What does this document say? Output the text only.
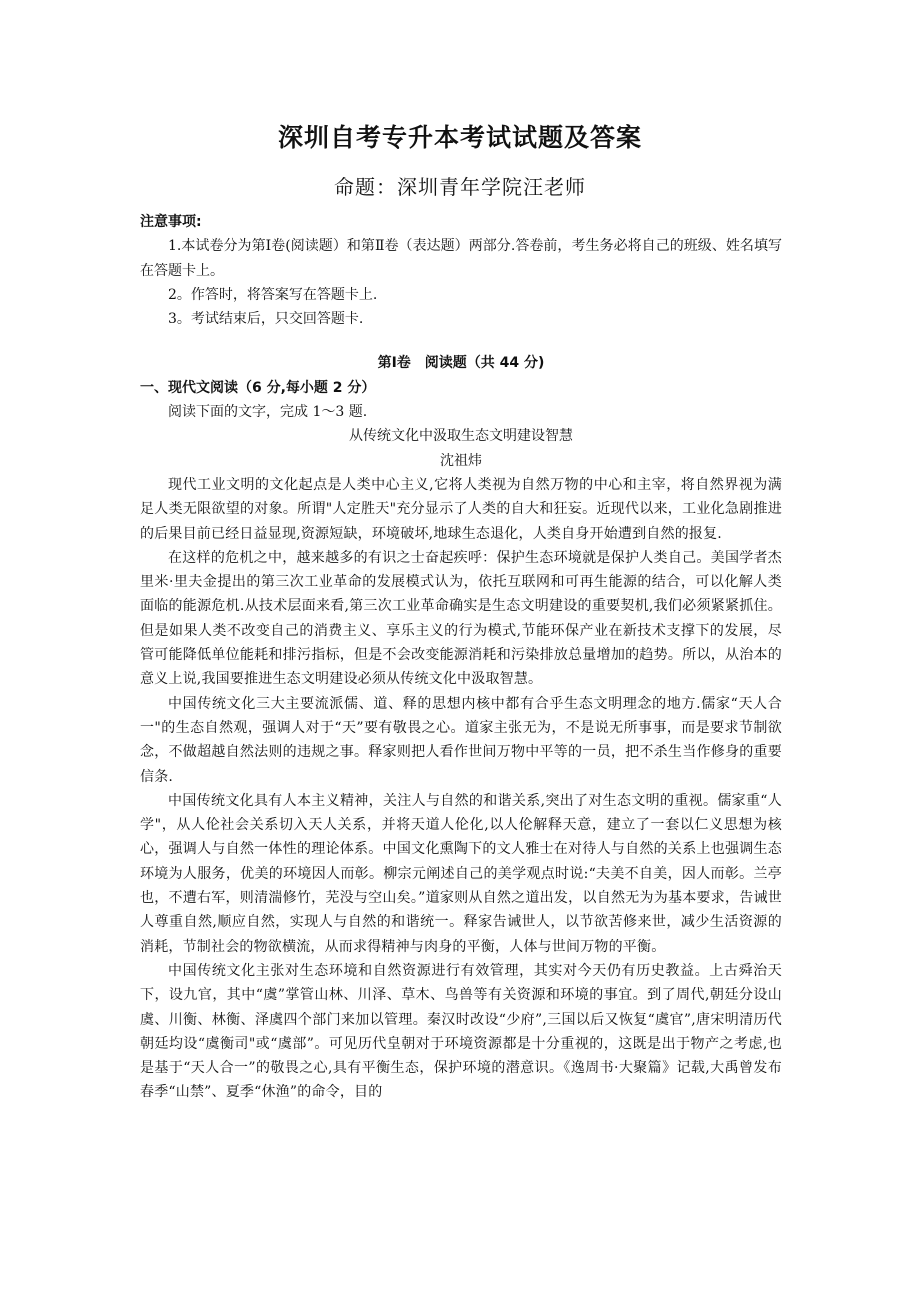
深圳自考专升本考试试题及答案
命题：深圳青年学院汪老师
注意事项:

1.本试卷分为第Ⅰ卷(阅读题）和第Ⅱ卷（表达题）两部分.答卷前，考生务必将自己的班级、姓名填写在答题卡上。

2。作答时，将答案写在答题卡上.

3。考试结束后，只交回答题卡.

第Ⅰ卷　阅读题（共 44 分)

一、现代文阅读（6 分,每小题 2 分）

阅读下面的文字，完成 1～3 题.

从传统文化中汲取生态文明建设智慧

沈祖炜

现代工业文明的文化起点是人类中心主义,它将人类视为自然万物的中心和主宰，将自然界视为满足人类无限欲望的对象。所谓"人定胜天"充分显示了人类的自大和狂妄。近现代以来，工业化急剧推进的后果目前已经日益显现,资源短缺，环境破坏,地球生态退化，人类自身开始遭到自然的报复.

在这样的危机之中，越来越多的有识之士奋起疾呼：保护生态环境就是保护人类自己。美国学者杰里米·里夫金提出的第三次工业革命的发展模式认为，依托互联网和可再生能源的结合，可以化解人类面临的能源危机.从技术层面来看,第三次工业革命确实是生态文明建设的重要契机,我们必须紧紧抓住。但是如果人类不改变自己的消费主义、享乐主义的行为模式,节能环保产业在新技术支撑下的发展，尽管可能降低单位能耗和排污指标，但是不会改变能源消耗和污染排放总量增加的趋势。所以，从治本的意义上说,我国要推进生态文明建设必须从传统文化中汲取智慧。

中国传统文化三大主要流派儒、道、释的思想内核中都有合乎生态文明理念的地方.儒家“天人合一"的生态自然观，强调人对于“天”要有敬畏之心。道家主张无为，不是说无所事事，而是要求节制欲念，不做超越自然法则的违规之事。释家则把人看作世间万物中平等的一员，把不杀生当作修身的重要信条.

中国传统文化具有人本主义精神，关注人与自然的和谐关系,突出了对生态文明的重视。儒家重“人学"，从人伦社会关系切入天人关系，并将天道人伦化,以人伦解释天意，建立了一套以仁义思想为核心，强调人与自然一体性的理论体系。中国文化熏陶下的文人雅士在对待人与自然的关系上也强调生态环境为人服务，优美的环境因人而彰。柳宗元阐述自己的美学观点时说:“夫美不自美，因人而彰。兰亭也，不遭右军，则清湍修竹，芜没与空山矣。”道家则从自然之道出发，以自然无为为基本要求，告诫世人尊重自然,顺应自然，实现人与自然的和谐统一。释家告诫世人，以节欲苦修来世，减少生活资源的消耗，节制社会的物欲横流，从而求得精神与肉身的平衡，人体与世间万物的平衡。

中国传统文化主张对生态环境和自然资源进行有效管理，其实对今天仍有历史教益。上古舜治天下，设九官，其中“虞”掌管山林、川泽、草木、鸟兽等有关资源和环境的事宜。到了周代,朝廷分设山虞、川衡、林衡、泽虞四个部门来加以管理。秦汉时改设“少府”,三国以后又恢复“虞官”,唐宋明清历代朝廷均设“虞衡司"或“虞部”。可见历代皇朝对于环境资源都是十分重视的，这既是出于物产之考虑,也是基于“天人合一”的敬畏之心,具有平衡生态，保护环境的潜意识。《逸周书·大聚篇》记载,大禹曾发布春季“山禁”、夏季“休渔”的命令，目的
